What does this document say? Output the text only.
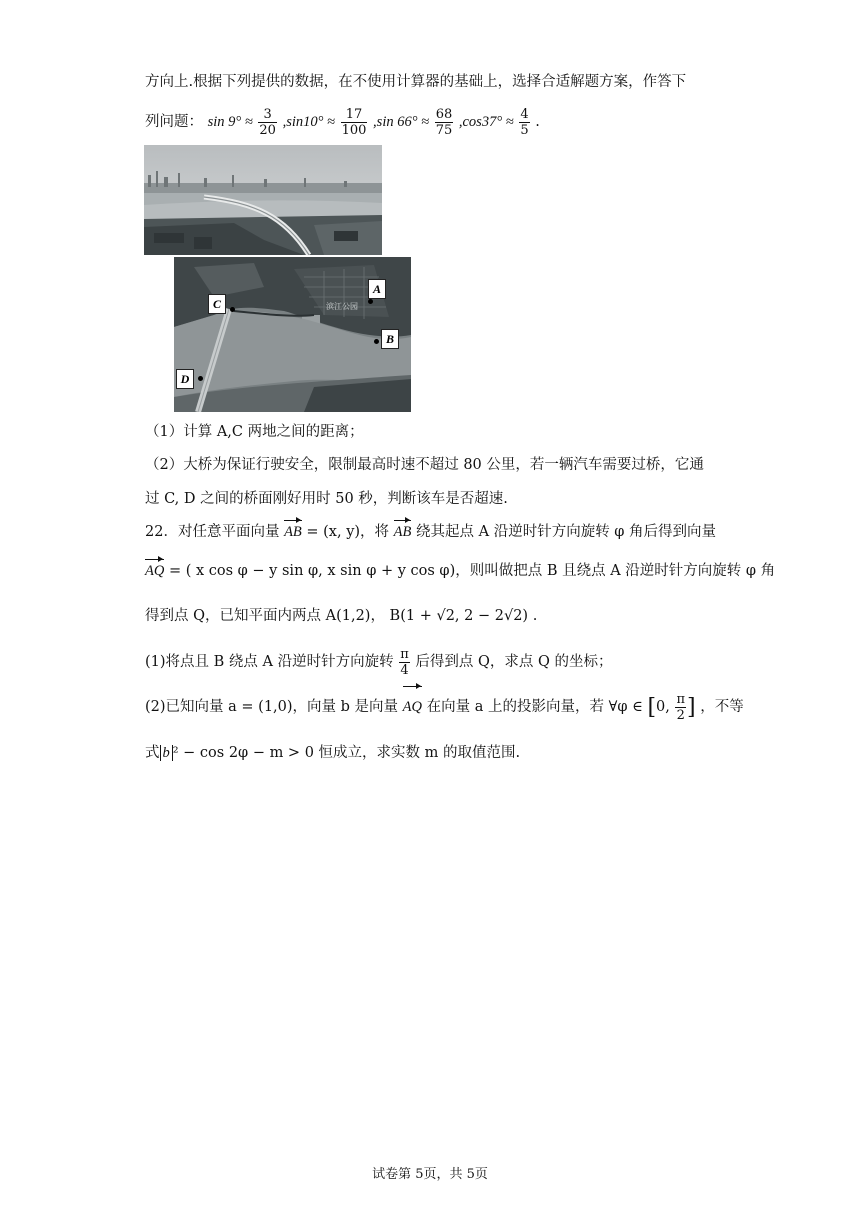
方向上.根据下列提供的数据，在不使用计算器的基础上，选择合适解题方案，作答下
列问题： $\sin 9^\circ \approx \frac{3}{20} ,\sin 10^\circ \approx \frac{17}{100} ,\sin$ $66^\circ \approx \frac{68}{75} ,\cos 37^\circ \approx \frac{4}{5}$ .
滨江公园
C
A
B
D
（1）计算 A,C 两地之间的距离；
（2）大桥为保证行驶安全，限制最高时速不超过 80 公里，若一辆汽车需要过桥，它通
过 C, D 之间的桥面刚好用时 50 秒，判断该车是否超速.
22．对任意平面向量 AB = (x, y)，将 AB 绕其起点 A 沿逆时针方向旋转 φ 角后得到向量
AQ = ( x cos φ − y sin φ, x sin φ + y cos φ)，则叫做把点 B 且绕点 A 沿逆时针方向旋转 φ 角
得到点 Q，已知平面内两点 A(1,2)， B(1 + √2, 2 − 2√2) .
(1)将点且 B 绕点 A 沿逆时针方向旋转 $\frac{\pi}{4}$ 后得到点 Q，求点 Q 的坐标；
(2)已知向量 a = (1,0)，向量 b 是向量 AQ 在向量 a 上的投影向量，若 ∀φ ∈ [0, $\frac{\pi}{2}$ ] ，不等
式 b ² − cos 2φ − m > 0 恒成立，求实数 m 的取值范围.
试卷第 5页，共 5页
